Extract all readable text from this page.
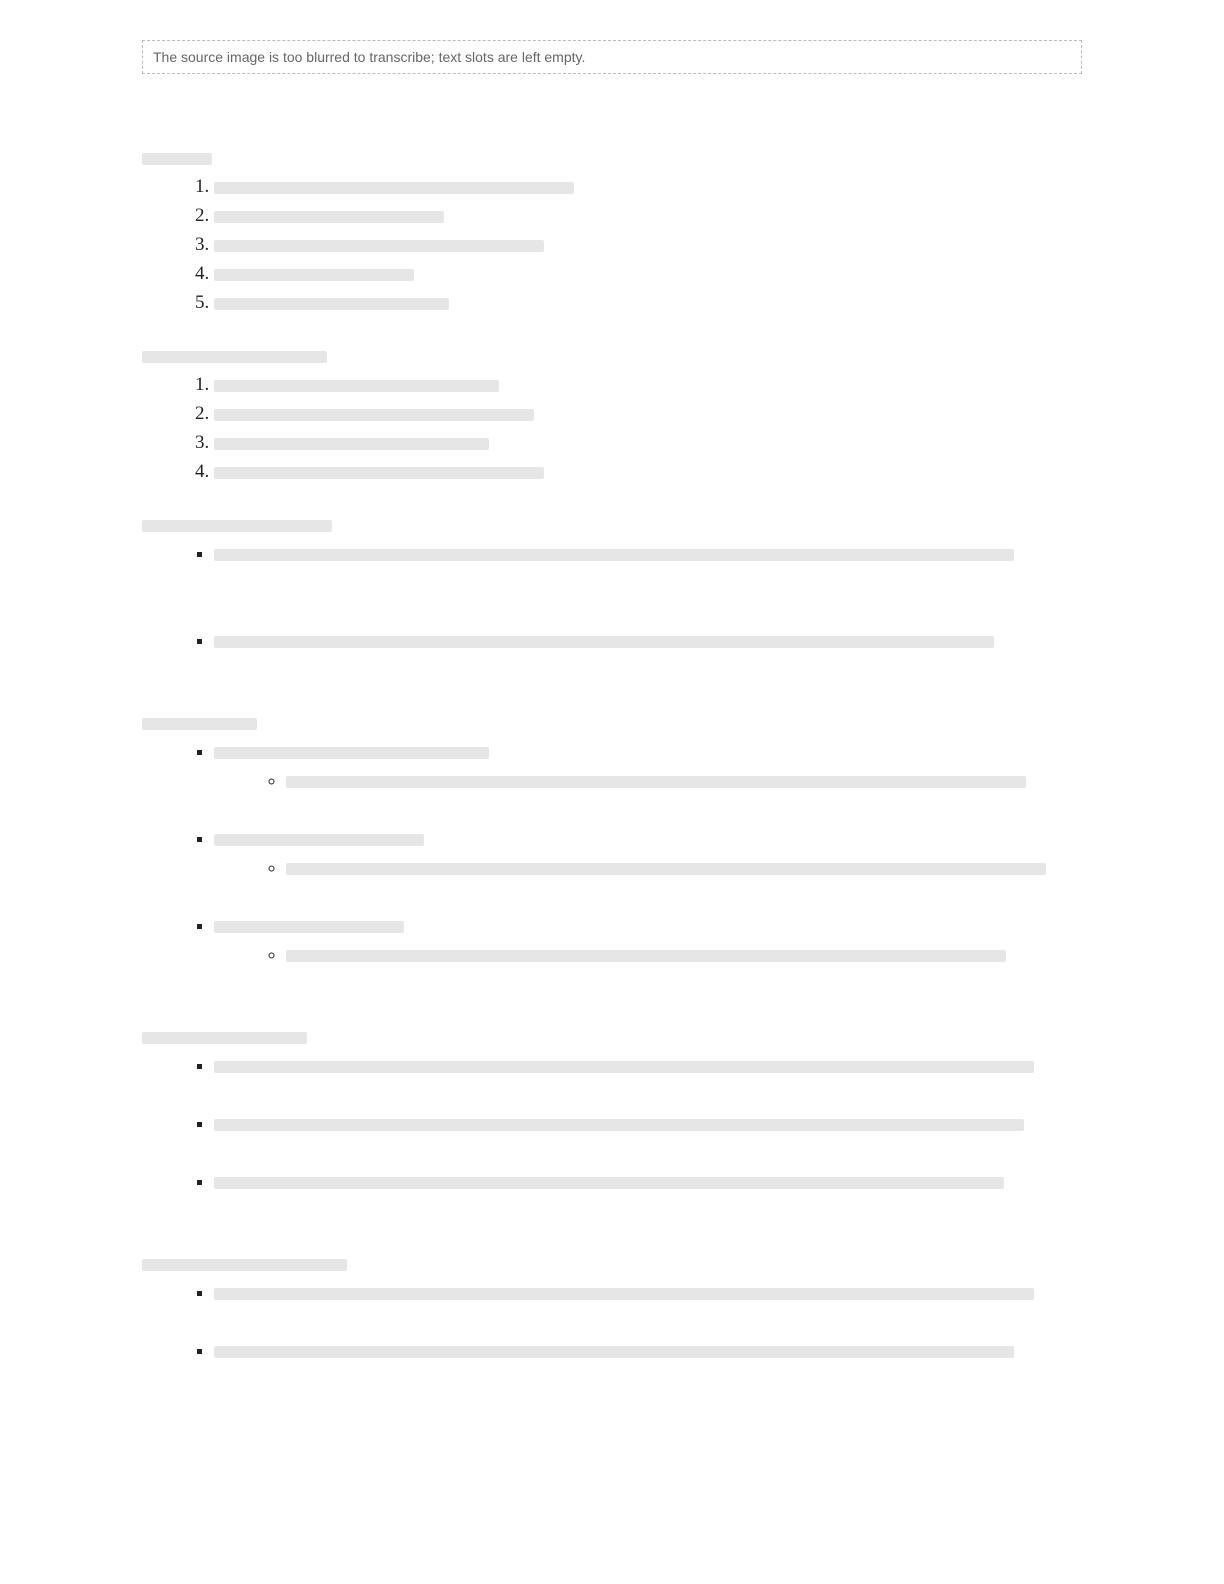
The source image is too blurred to transcribe; text slots are left empty.
1.
2.
3.
4.
5.
1.
2.
3.
4.
▪
▪
▪
◦
▪
◦
▪
◦
▪
▪
▪
▪
▪
